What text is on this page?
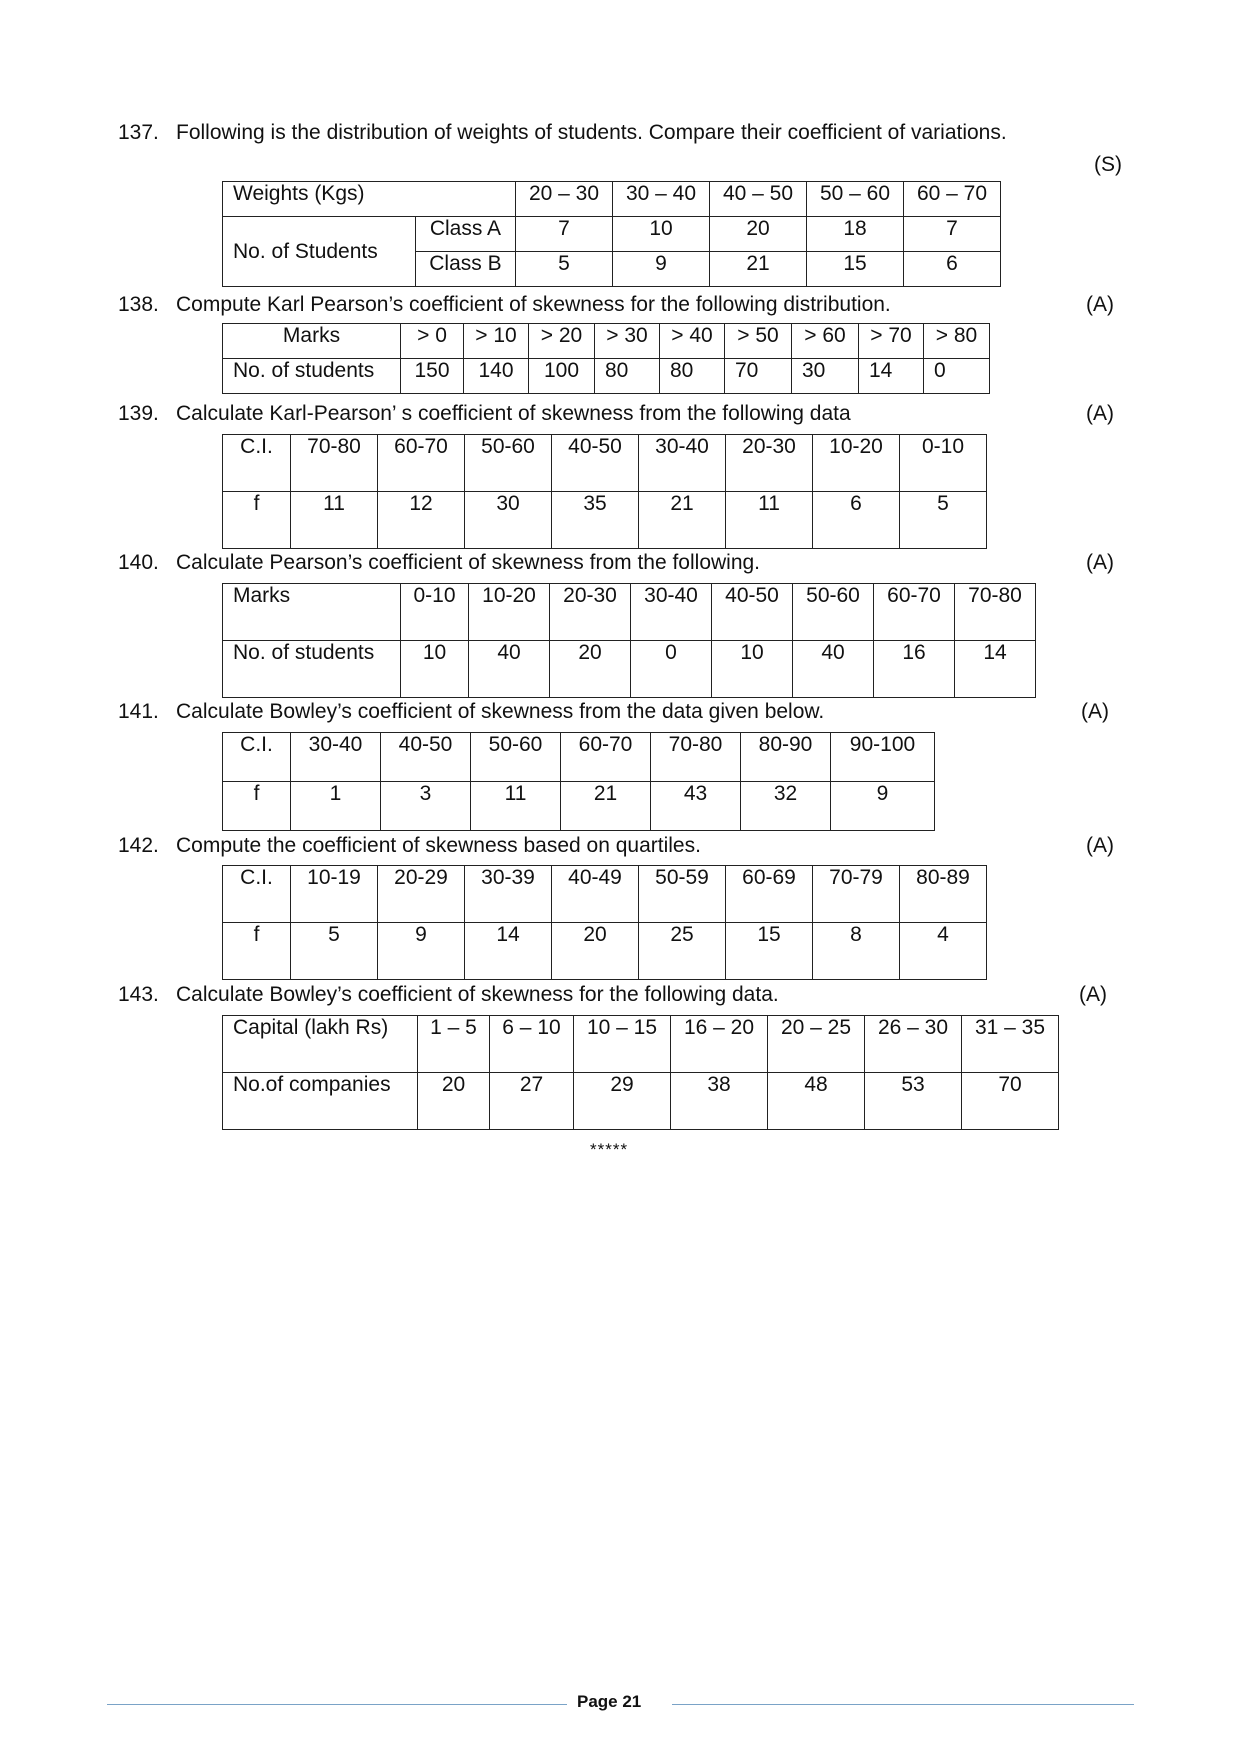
137. Following is the distribution of weights of students. Compare their coefficient of variations.
(S)
Weights (Kgs)		20 – 30	30 – 40	40 – 50	50 – 60	60 – 70
No. of Students	Class A	7	10	20	18	7
	Class B	5	9	21	15	6
138. Compute Karl Pearson’s coefficient of skewness for the following distribution.	(A)
Marks	> 0	> 10	> 20	> 30	> 40	> 50	> 60	> 70	> 80
No. of students	150	140	100	80	80	70	30	14	0
139. Calculate Karl-Pearson’ s coefficient of skewness from the following data	(A)
C.I.	70-80	60-70	50-60	40-50	30-40	20-30	10-20	0-10
f	11	12	30	35	21	11	6	5
140. Calculate Pearson’s coefficient of skewness from the following.	(A)
Marks	0-10	10-20	20-30	30-40	40-50	50-60	60-70	70-80
No. of students	10	40	20	0	10	40	16	14
141. Calculate Bowley’s coefficient of skewness from the data given below.	(A)
C.I.	30-40	40-50	50-60	60-70	70-80	80-90	90-100
f	1	3	11	21	43	32	9
142. Compute the coefficient of skewness based on quartiles.	(A)
C.I.	10-19	20-29	30-39	40-49	50-59	60-69	70-79	80-89
f	5	9	14	20	25	15	8	4
143. Calculate Bowley’s coefficient of skewness for the following data.	(A)
Capital (lakh Rs)	1 – 5	6 – 10	10 – 15	16 – 20	20 – 25	26 – 30	31 – 35
No.of companies	20	27	29	38	48	53	70
*****
Page 21
